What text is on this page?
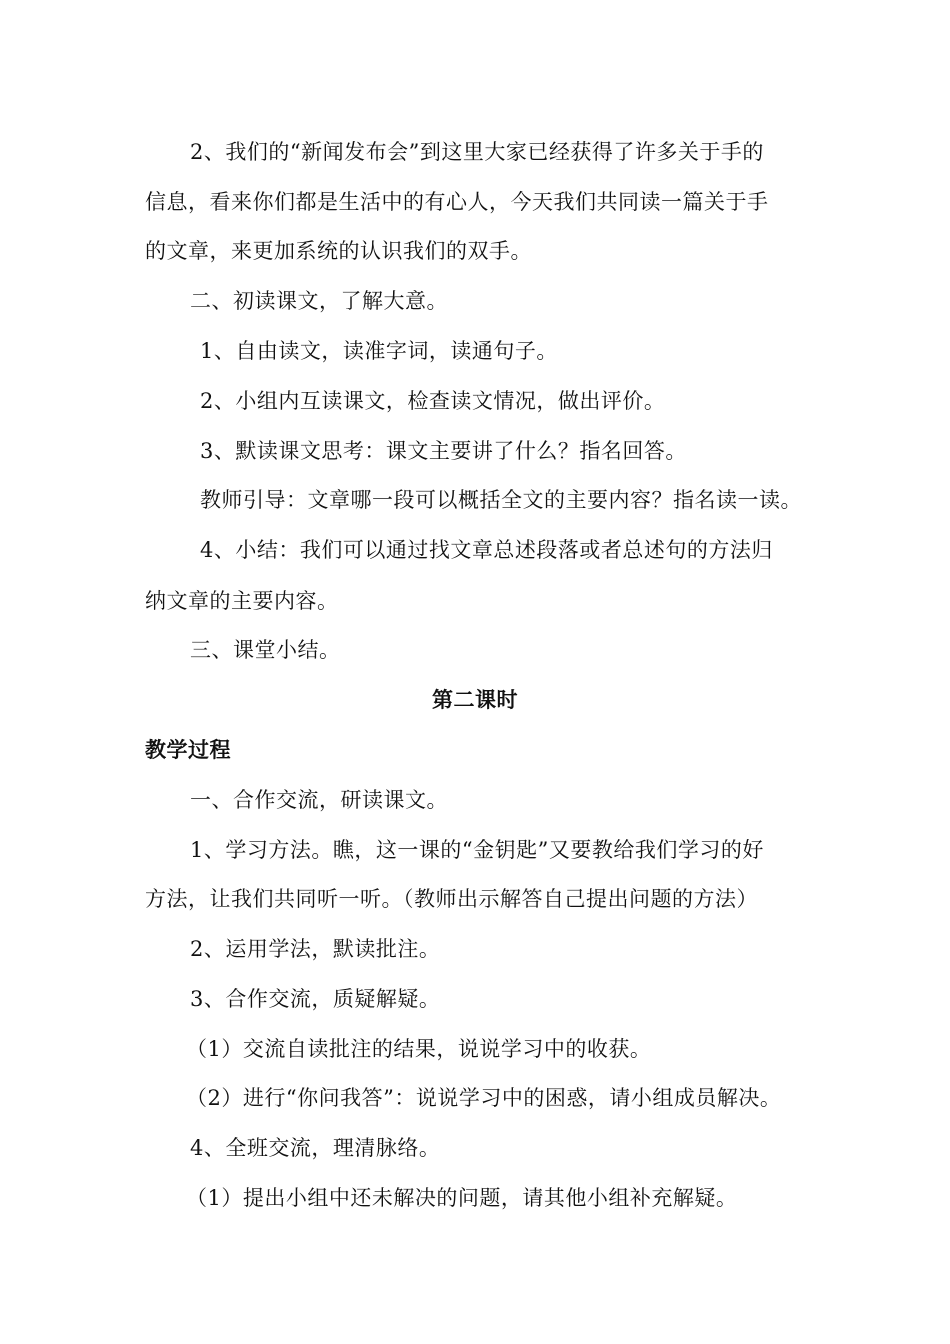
2、我们的“新闻发布会”到这里大家已经获得了许多关于手的
信息，看来你们都是生活中的有心人，今天我们共同读一篇关于手
的文章，来更加系统的认识我们的双手。
二、初读课文，了解大意。
1、自由读文，读准字词，读通句子。
2、小组内互读课文，检查读文情况，做出评价。
3、默读课文思考：课文主要讲了什么？指名回答。
教师引导：文章哪一段可以概括全文的主要内容？指名读一读。
4、小结：我们可以通过找文章总述段落或者总述句的方法归
纳文章的主要内容。
三、课堂小结。
第二课时
教学过程
一、合作交流，研读课文。
1、学习方法。瞧，这一课的“金钥匙”又要教给我们学习的好
方法，让我们共同听一听。（教师出示解答自己提出问题的方法）
2、运用学法，默读批注。
3、合作交流，质疑解疑。
（1）交流自读批注的结果，说说学习中的收获。
（2）进行“你问我答”：说说学习中的困惑，请小组成员解决。
4、全班交流，理清脉络。
（1）提出小组中还未解决的问题，请其他小组补充解疑。
